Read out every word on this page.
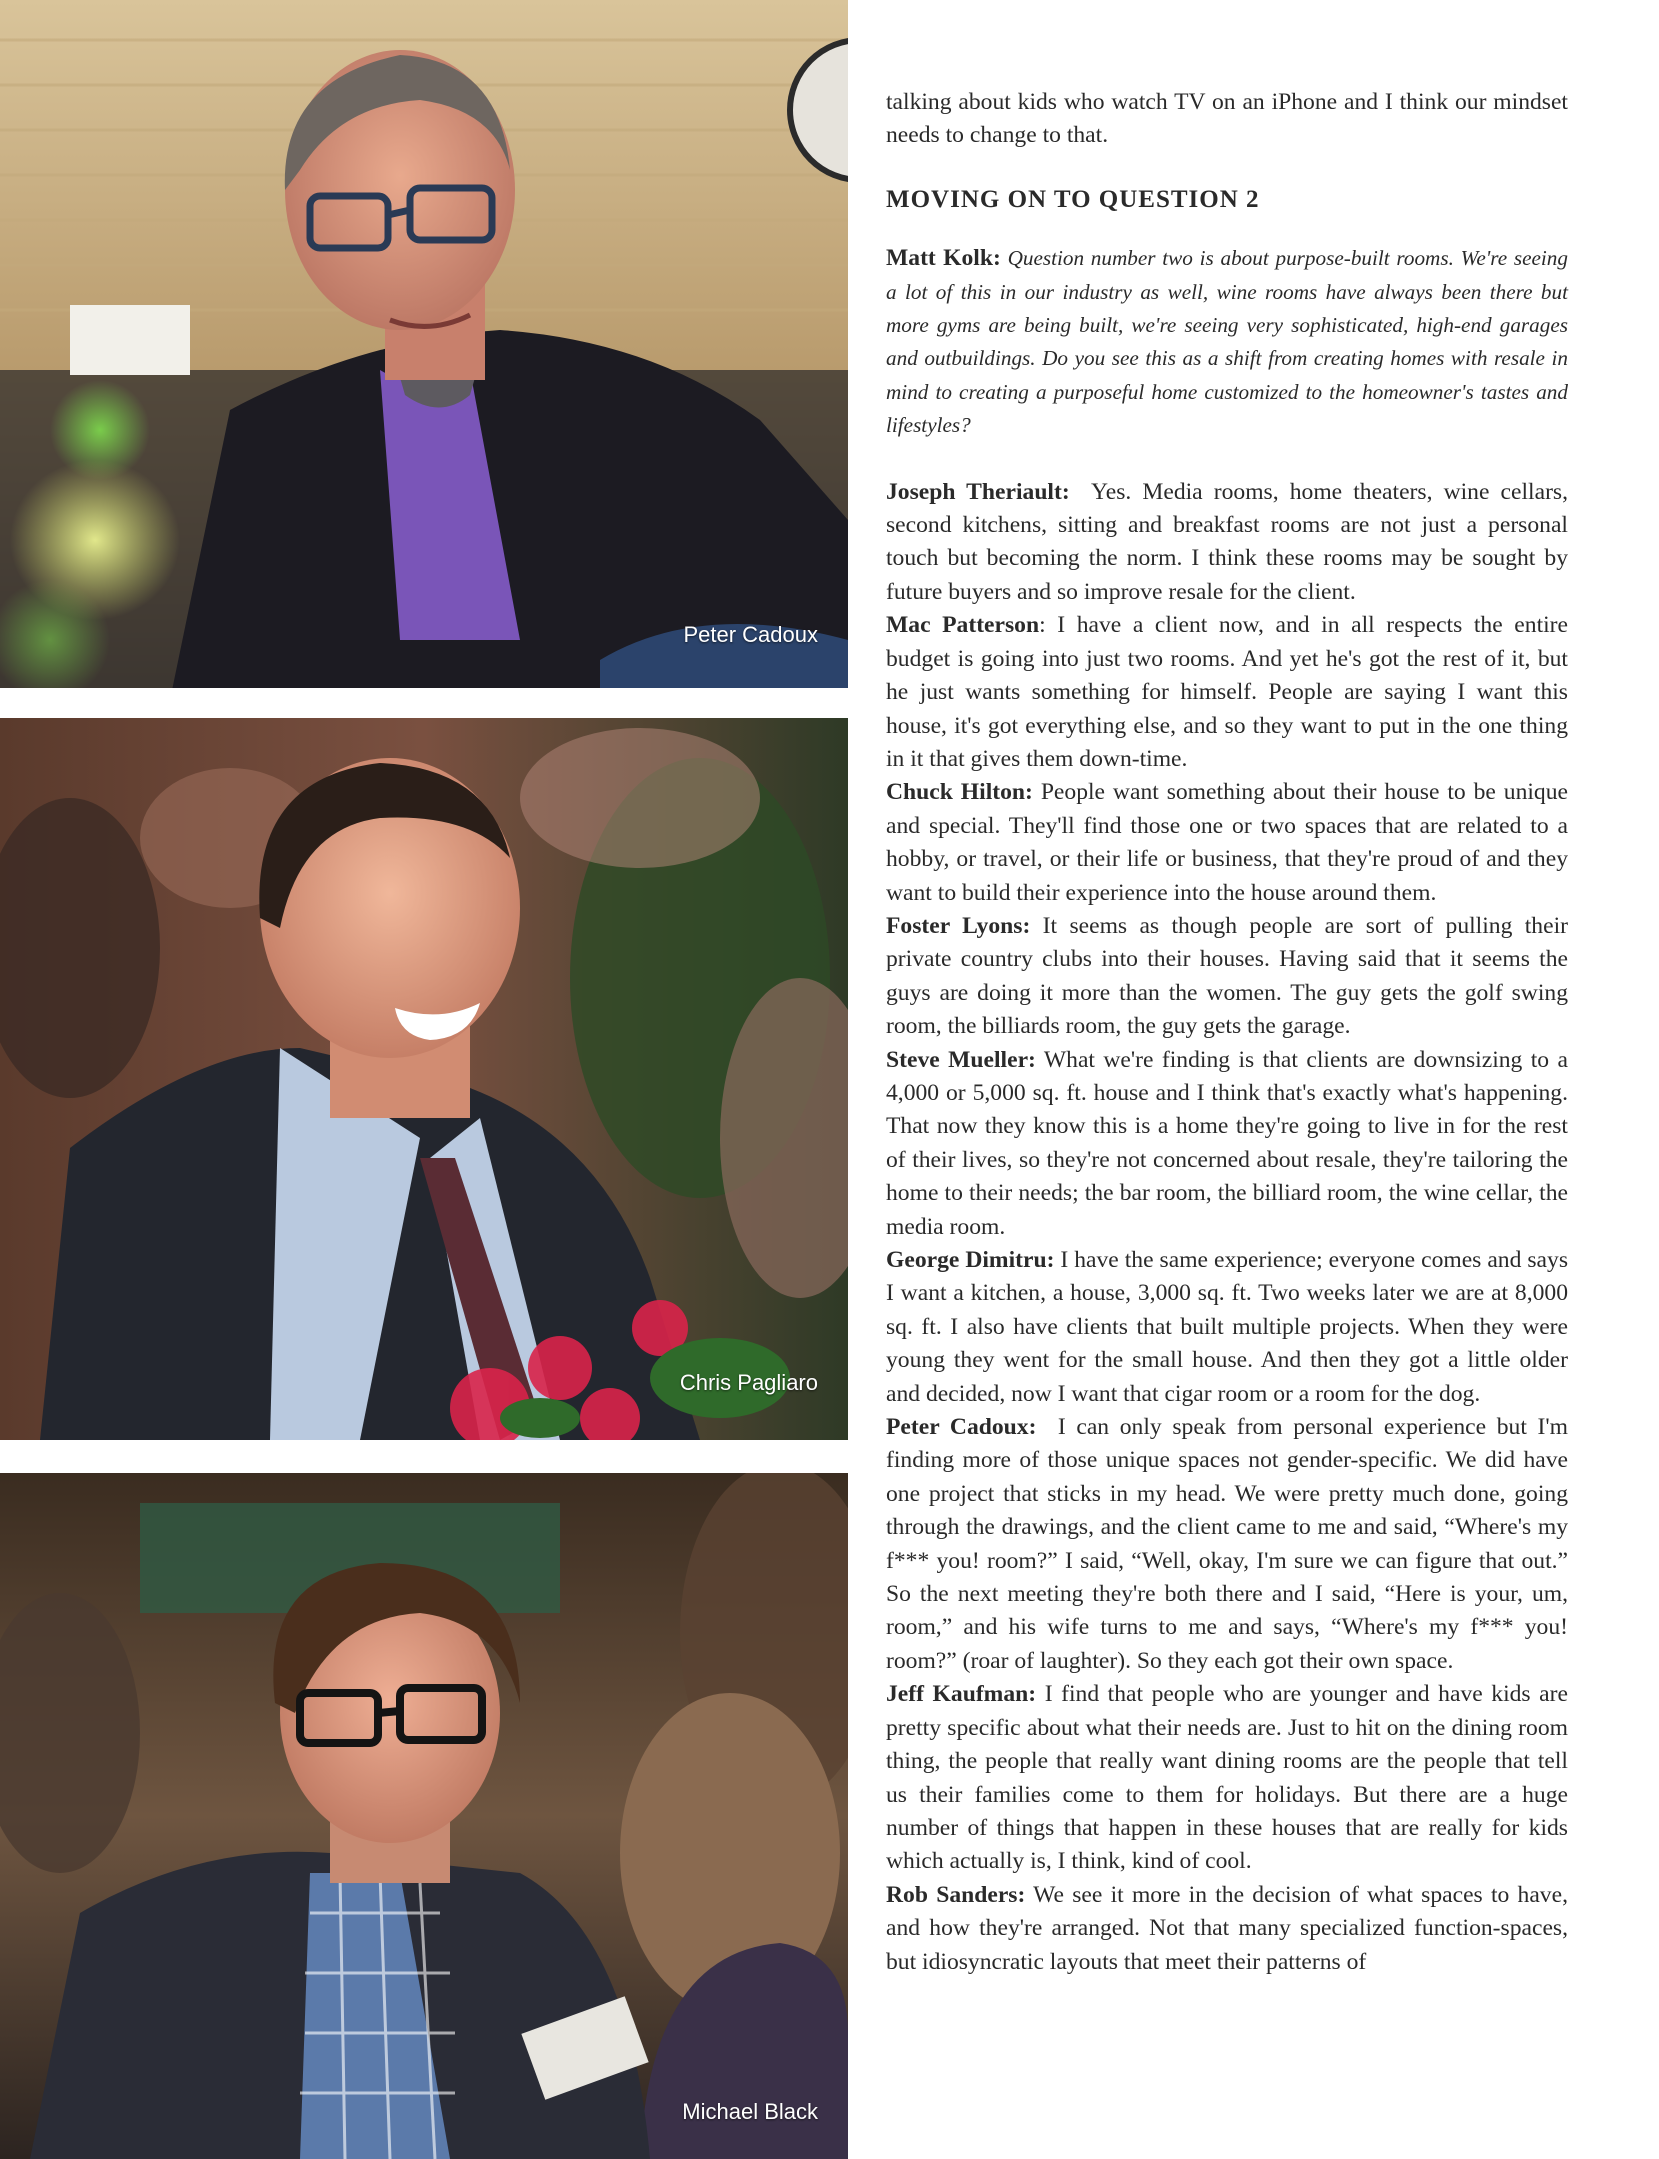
Peter Cadoux
Chris Pagliaro
Michael Black

talking about kids who watch TV on an iPhone and I think our mindset needs to change to that.

MOVING ON TO QUESTION 2

Matt Kolk: Question number two is about purpose-built rooms. We're seeing a lot of this in our industry as well, wine rooms have always been there but more gyms are being built, we're seeing very sophisticated, high-end garages and outbuildings. Do you see this as a shift from creating homes with resale in mind to creating a purposeful home customized to the homeowner's tastes and lifestyles?

Joseph Theriault: Yes. Media rooms, home theaters, wine cellars, second kitchens, sitting and breakfast rooms are not just a personal touch but becoming the norm. I think these rooms may be sought by future buyers and so improve resale for the client.

Mac Patterson: I have a client now, and in all respects the entire budget is going into just two rooms. And yet he's got the rest of it, but he just wants something for himself. People are saying I want this house, it's got everything else, and so they want to put in the one thing in it that gives them down-time.

Chuck Hilton: People want something about their house to be unique and special. They'll find those one or two spaces that are related to a hobby, or travel, or their life or business, that they're proud of and they want to build their experience into the house around them.

Foster Lyons: It seems as though people are sort of pulling their private country clubs into their houses. Having said that it seems the guys are doing it more than the women. The guy gets the golf swing room, the billiards room, the guy gets the garage.

Steve Mueller: What we're finding is that clients are downsizing to a 4,000 or 5,000 sq. ft. house and I think that's exactly what's happening. That now they know this is a home they're going to live in for the rest of their lives, so they're not concerned about resale, they're tailoring the home to their needs; the bar room, the billiard room, the wine cellar, the media room.

George Dimitru: I have the same experience; everyone comes and says I want a kitchen, a house, 3,000 sq. ft. Two weeks later we are at 8,000 sq. ft. I also have clients that built multiple projects. When they were young they went for the small house. And then they got a little older and decided, now I want that cigar room or a room for the dog.

Peter Cadoux: I can only speak from personal experience but I'm finding more of those unique spaces not gender-specific. We did have one project that sticks in my head. We were pretty much done, going through the drawings, and the client came to me and said, “Where's my f*** you! room?” I said, “Well, okay, I'm sure we can figure that out.” So the next meeting they're both there and I said, “Here is your, um, room,” and his wife turns to me and says, “Where's my f*** you! room?” (roar of laughter). So they each got their own space.

Jeff Kaufman: I find that people who are younger and have kids are pretty specific about what their needs are. Just to hit on the dining room thing, the people that really want dining rooms are the people that tell us their families come to them for holidays. But there are a huge number of things that happen in these houses that are really for kids which actually is, I think, kind of cool.

Rob Sanders: We see it more in the decision of what spaces to have, and how they're arranged. Not that many specialized function-spaces, but idiosyncratic layouts that meet their patterns of
